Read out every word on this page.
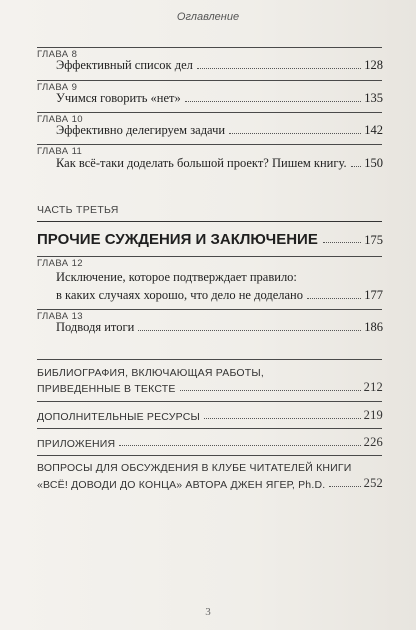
Оглавление
ГЛАВА 8
Эффективный список дел	128
ГЛАВА 9
Учимся говорить «нет»	135
ГЛАВА 10
Эффективно делегируем задачи	142
ГЛАВА 11
Как всё-таки доделать большой проект? Пишем книгу. 150
ЧАСТЬ ТРЕТЬЯ
ПРОЧИЕ СУЖДЕНИЯ И ЗАКЛЮЧЕНИЕ	175
ГЛАВА 12
Исключение, которое подтверждает правило:
в каких случаях хорошо, что дело не доделано	177
ГЛАВА 13
Подводя итоги	186
БИБЛИОГРАФИЯ, ВКЛЮЧАЮЩАЯ РАБОТЫ,
ПРИВЕДЕННЫЕ В ТЕКСТЕ	212
ДОПОЛНИТЕЛЬНЫЕ РЕСУРСЫ	219
ПРИЛОЖЕНИЯ	226
ВОПРОСЫ ДЛЯ ОБСУЖДЕНИЯ В КЛУБЕ ЧИТАТЕЛЕЙ КНИГИ
«ВСЁ! ДОВОДИ ДО КОНЦА» АВТОРА ДЖЕН ЯГЕР, Ph.D.	252
3
